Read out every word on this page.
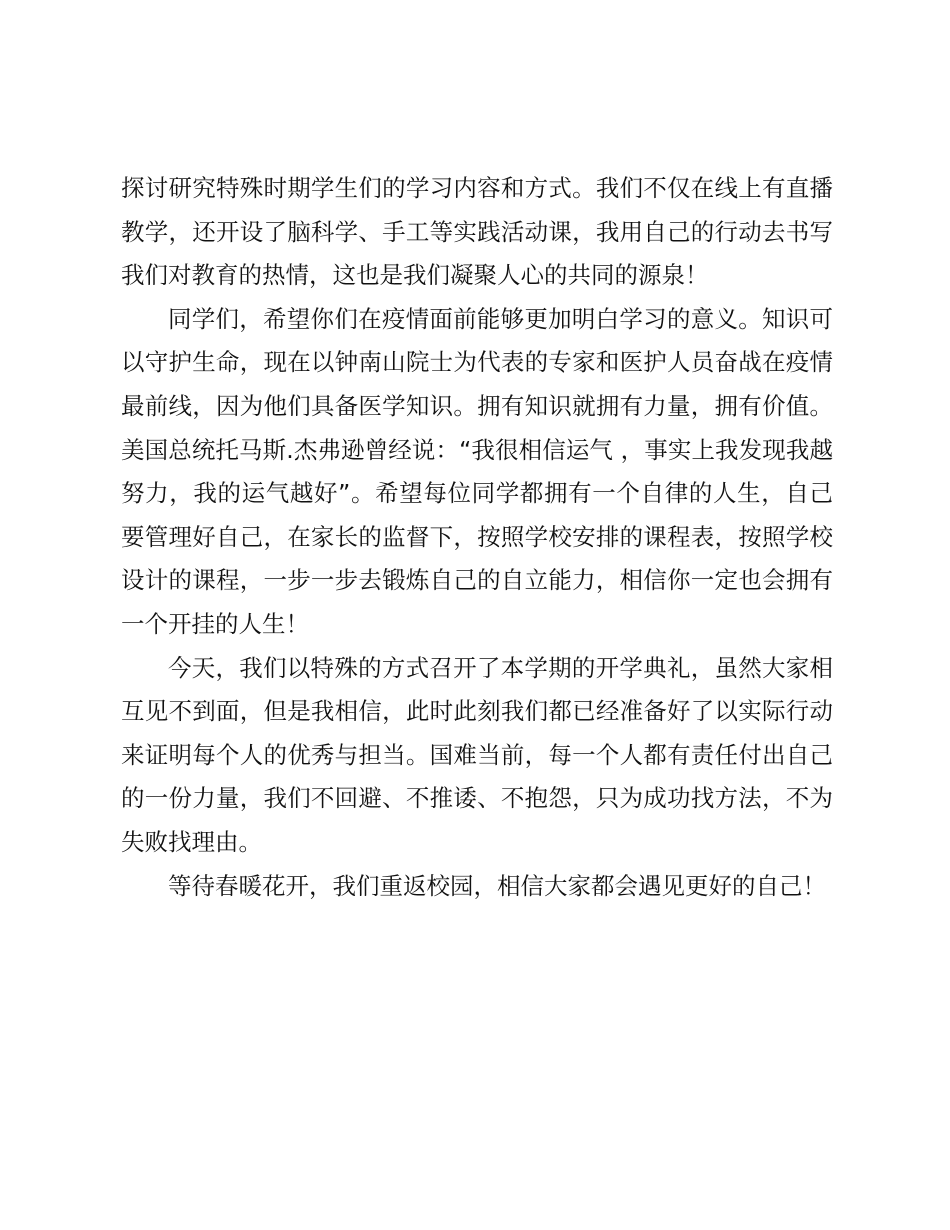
探讨研究特殊时期学生们的学习内容和方式。我们不仅在线上有直播教学，还开设了脑科学、手工等实践活动课，我用自己的行动去书写我们对教育的热情，这也是我们凝聚人心的共同的源泉！

同学们，希望你们在疫情面前能够更加明白学习的意义。知识可以守护生命，现在以钟南山院士为代表的专家和医护人员奋战在疫情最前线，因为他们具备医学知识。拥有知识就拥有力量，拥有价值。美国总统托马斯.杰弗逊曾经说：“我很相信运气 ，事实上我发现我越努力，我的运气越好”。希望每位同学都拥有一个自律的人生，自己要管理好自己，在家长的监督下，按照学校安排的课程表，按照学校设计的课程，一步一步去锻炼自己的自立能力，相信你一定也会拥有一个开挂的人生！

今天，我们以特殊的方式召开了本学期的开学典礼，虽然大家相互见不到面，但是我相信，此时此刻我们都已经准备好了以实际行动来证明每个人的优秀与担当。国难当前，每一个人都有责任付出自己的一份力量，我们不回避、不推诿、不抱怨，只为成功找方法，不为失败找理由。

等待春暖花开，我们重返校园，相信大家都会遇见更好的自己！
